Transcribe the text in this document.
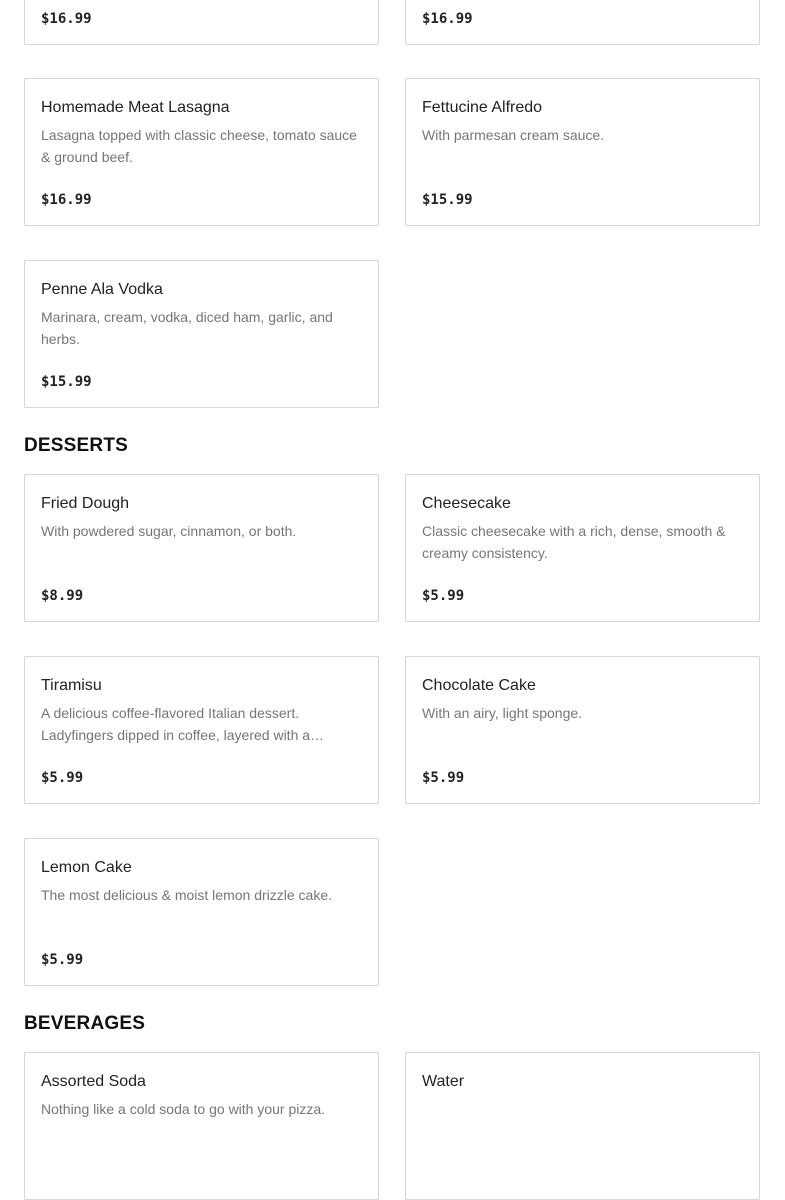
$16.99	$16.99
Homemade Meat Lasagna
Lasagna topped with classic cheese, tomato sauce & ground beef.
$16.99
Fettucine Alfredo
With parmesan cream sauce.
$15.99
Penne Ala Vodka
Marinara, cream, vodka, diced ham, garlic, and herbs.
$15.99
DESSERTS
Fried Dough
With powdered sugar, cinnamon, or both.
$8.99
Cheesecake
Classic cheesecake with a rich, dense, smooth & creamy consistency.
$5.99
Tiramisu
A delicious coffee-flavored Italian dessert. Ladyfingers dipped in coffee, layered with a…
$5.99
Chocolate Cake
With an airy, light sponge.
$5.99
Lemon Cake
The most delicious & moist lemon drizzle cake.
$5.99
BEVERAGES
Assorted Soda
Nothing like a cold soda to go with your pizza.
Water
